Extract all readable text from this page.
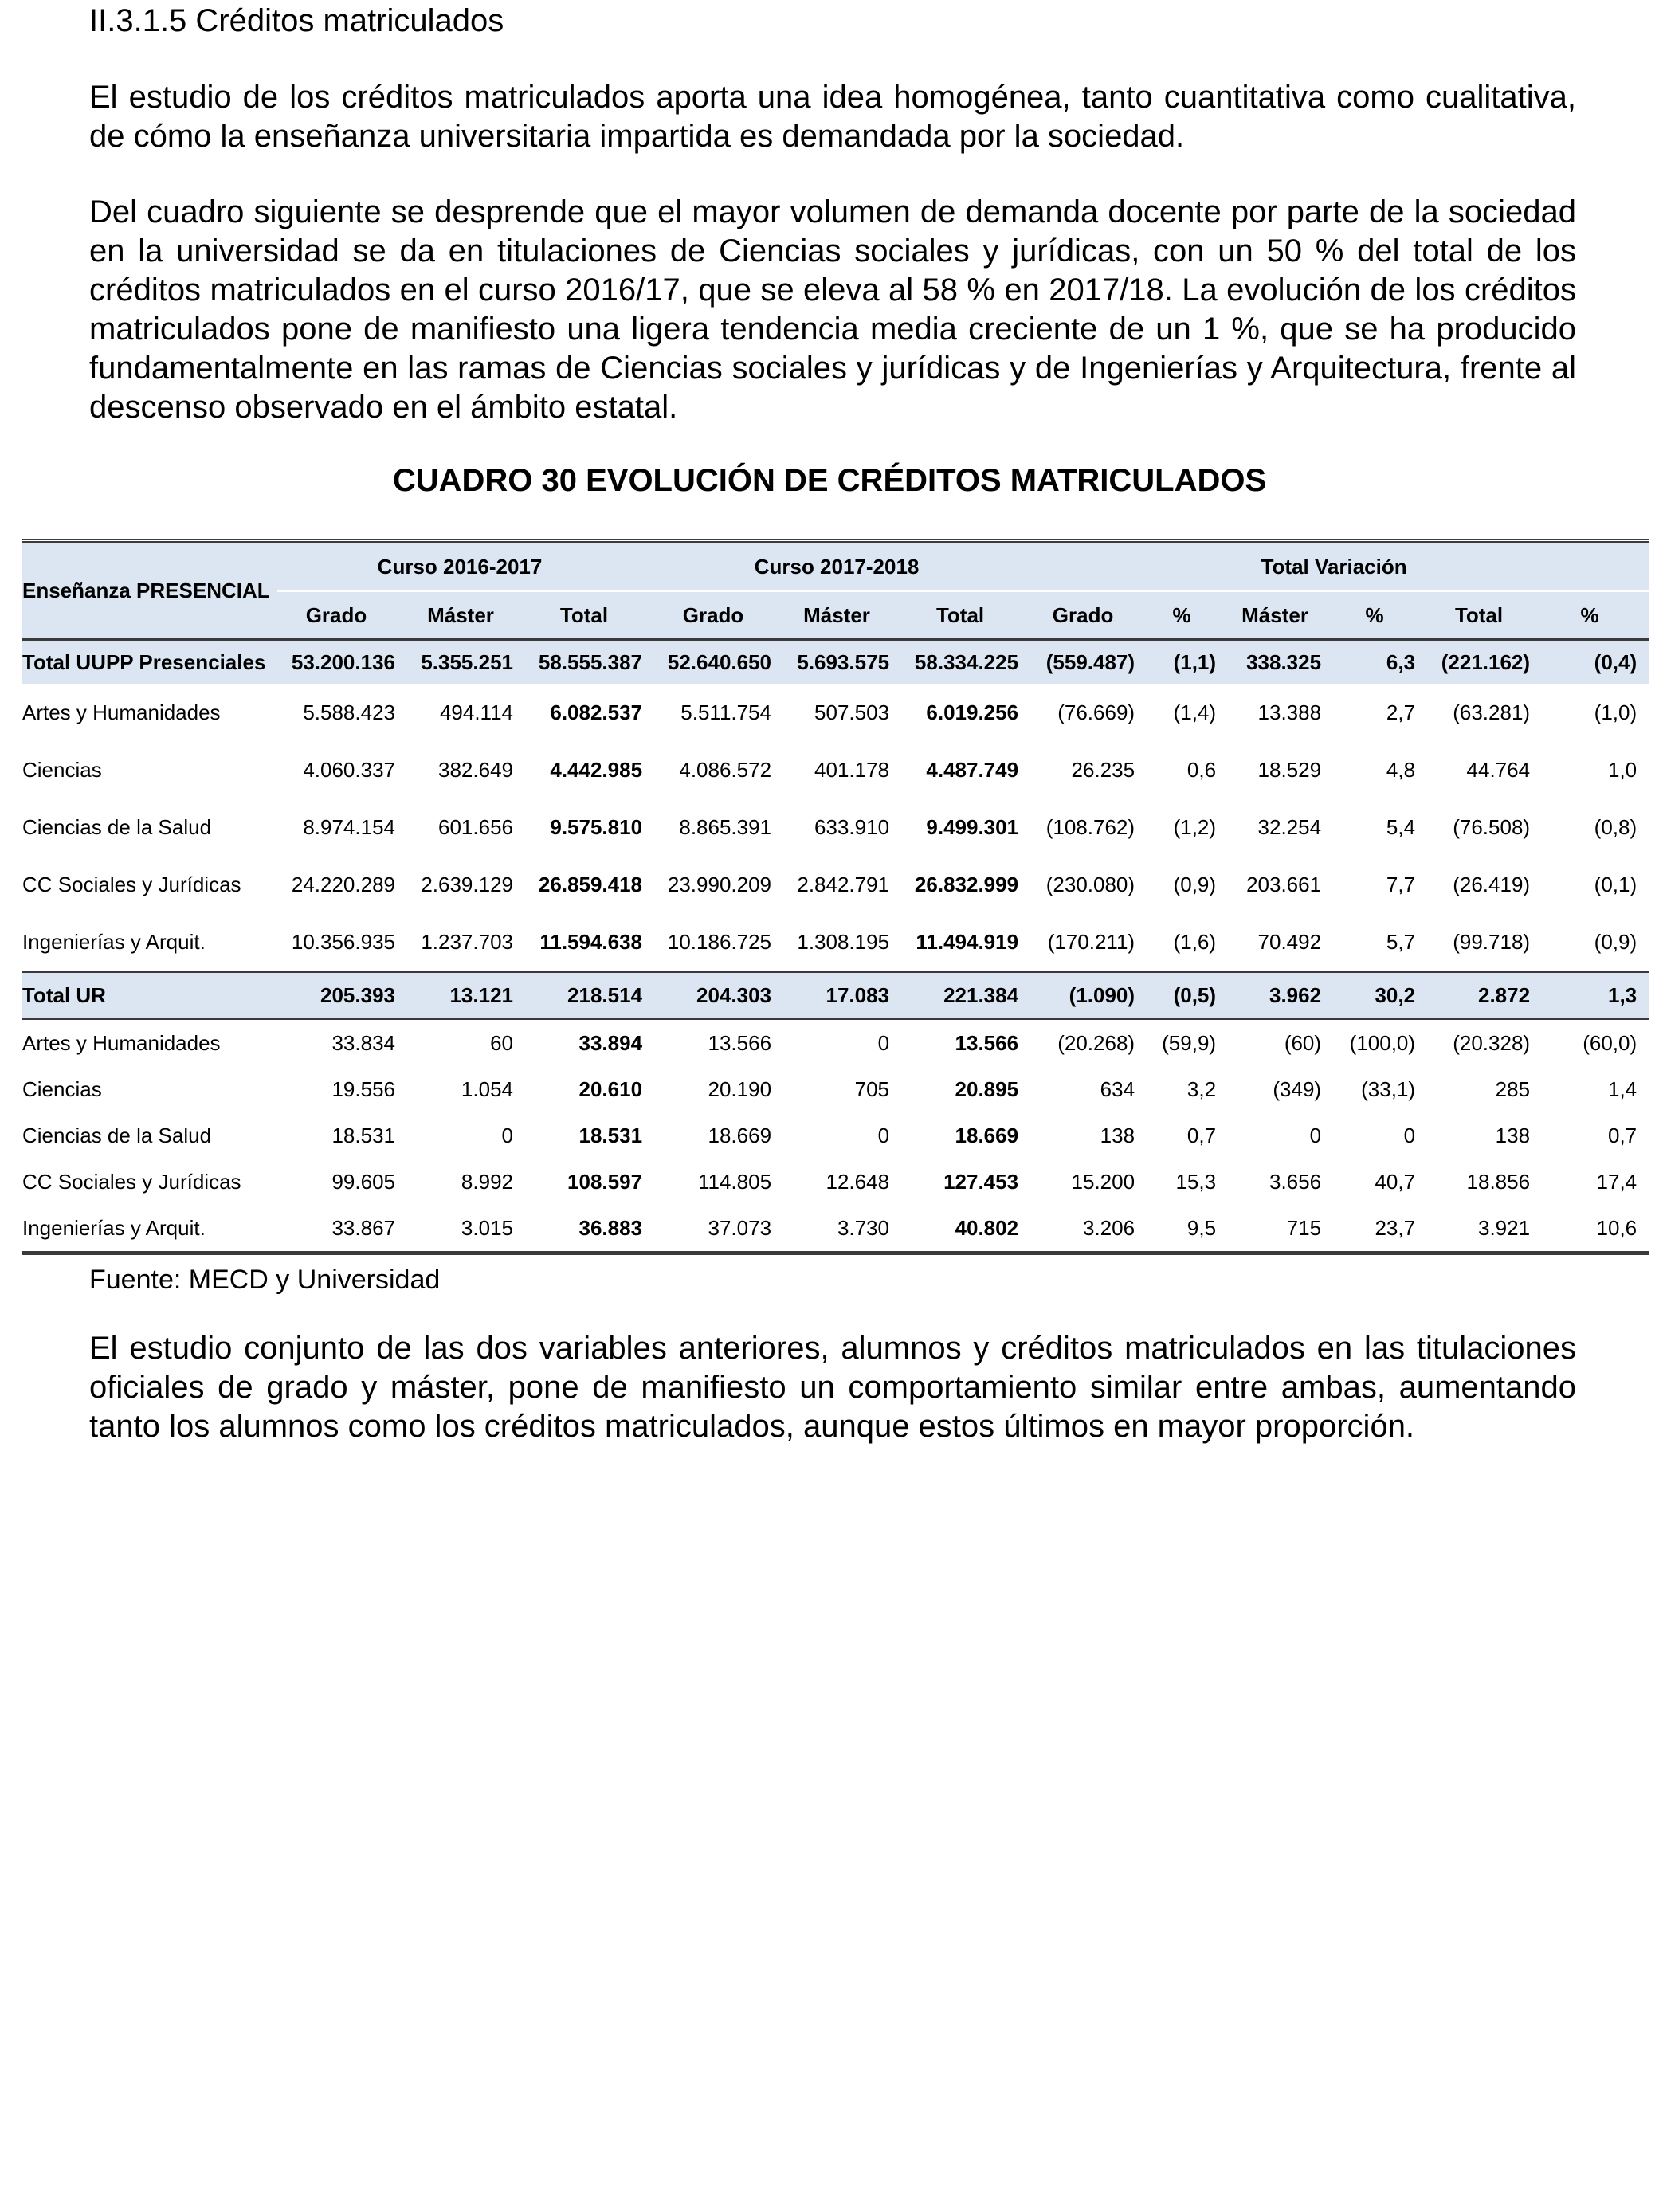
II.3.1.5 Créditos matriculados

El estudio de los créditos matriculados aporta una idea homogénea, tanto cuantitativa como cualitativa, de cómo la enseñanza universitaria impartida es demandada por la sociedad.

Del cuadro siguiente se desprende que el mayor volumen de demanda docente por parte de la sociedad en la universidad se da en titulaciones de Ciencias sociales y jurídicas, con un 50 % del total de los créditos matriculados en el curso 2016/17, que se eleva al 58 % en 2017/18. La evolución de los créditos matriculados pone de manifiesto una ligera tendencia media creciente de un 1 %, que se ha producido fundamentalmente en las ramas de Ciencias sociales y jurídicas y de Ingenierías y Arquitectura, frente al descenso observado en el ámbito estatal.

CUADRO 30 EVOLUCIÓN DE CRÉDITOS MATRICULADOS
Enseñanza PRESENCIAL	Curso 2016-2017			Curso 2017-2018			Total Variación					
	Grado	Máster	Total	Grado	Máster	Total	Grado	%	Máster	%	Total	%
Total UUPP Presenciales	53.200.136	5.355.251	58.555.387	52.640.650	5.693.575	58.334.225	(559.487)	(1,1)	338.325	6,3	(221.162)	(0,4)
Artes y Humanidades	5.588.423	494.114	6.082.537	5.511.754	507.503	6.019.256	(76.669)	(1,4)	13.388	2,7	(63.281)	(1,0)
Ciencias	4.060.337	382.649	4.442.985	4.086.572	401.178	4.487.749	26.235	0,6	18.529	4,8	44.764	1,0
Ciencias de la Salud	8.974.154	601.656	9.575.810	8.865.391	633.910	9.499.301	(108.762)	(1,2)	32.254	5,4	(76.508)	(0,8)
CC Sociales y Jurídicas	24.220.289	2.639.129	26.859.418	23.990.209	2.842.791	26.832.999	(230.080)	(0,9)	203.661	7,7	(26.419)	(0,1)
Ingenierías y Arquit.	10.356.935	1.237.703	11.594.638	10.186.725	1.308.195	11.494.919	(170.211)	(1,6)	70.492	5,7	(99.718)	(0,9)
Total UR	205.393	13.121	218.514	204.303	17.083	221.384	(1.090)	(0,5)	3.962	30,2	2.872	1,3
Artes y Humanidades	33.834	60	33.894	13.566	0	13.566	(20.268)	(59,9)	(60)	(100,0)	(20.328)	(60,0)
Ciencias	19.556	1.054	20.610	20.190	705	20.895	634	3,2	(349)	(33,1)	285	1,4
Ciencias de la Salud	18.531	0	18.531	18.669	0	18.669	138	0,7	0	0	138	0,7
CC Sociales y Jurídicas	99.605	8.992	108.597	114.805	12.648	127.453	15.200	15,3	3.656	40,7	18.856	17,4
Ingenierías y Arquit.	33.867	3.015	36.883	37.073	3.730	40.802	3.206	9,5	715	23,7	3.921	10,6
Fuente: MECD y Universidad

El estudio conjunto de las dos variables anteriores, alumnos y créditos matriculados en las titulaciones oficiales de grado y máster, pone de manifiesto un comportamiento similar entre ambas, aumentando tanto los alumnos como los créditos matriculados, aunque estos últimos en mayor proporción.
